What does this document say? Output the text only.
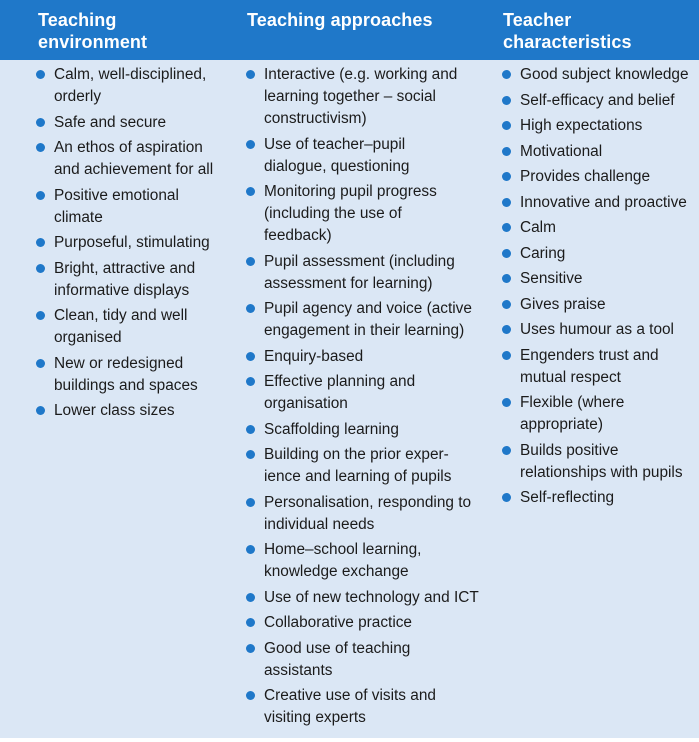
Teaching
environment
Teaching approaches	Teacher
characteristics
Calm, well-disciplined,
orderly
Safe and secure
An ethos of aspiration
and achievement for all
Positive emotional
climate
Purposeful, stimulating
Bright, attractive and
informative displays
Clean, tidy and well
organised
New or redesigned
buildings and spaces
Lower class sizes
Interactive (e.g. working and
learning together – social
constructivism)
Use of teacher–pupil
dialogue, questioning
Monitoring pupil progress
(including the use of
feedback)
Pupil assessment (including
assessment for learning)
Pupil agency and voice (active
engagement in their learning)
Enquiry-based
Effective planning and
organisation
Scaffolding learning
Building on the prior exper-
ience and learning of pupils
Personalisation, responding to
individual needs
Home–school learning,
knowledge exchange
Use of new technology and ICT
Collaborative practice
Good use of teaching
assistants
Creative use of visits and
visiting experts
Good subject knowledge
Self-efficacy and belief
High expectations
Motivational
Provides challenge
Innovative and proactive
Calm
Caring
Sensitive
Gives praise
Uses humour as a tool
Engenders trust and
mutual respect
Flexible (where
appropriate)
Builds positive
relationships with pupils
Self-reflecting
